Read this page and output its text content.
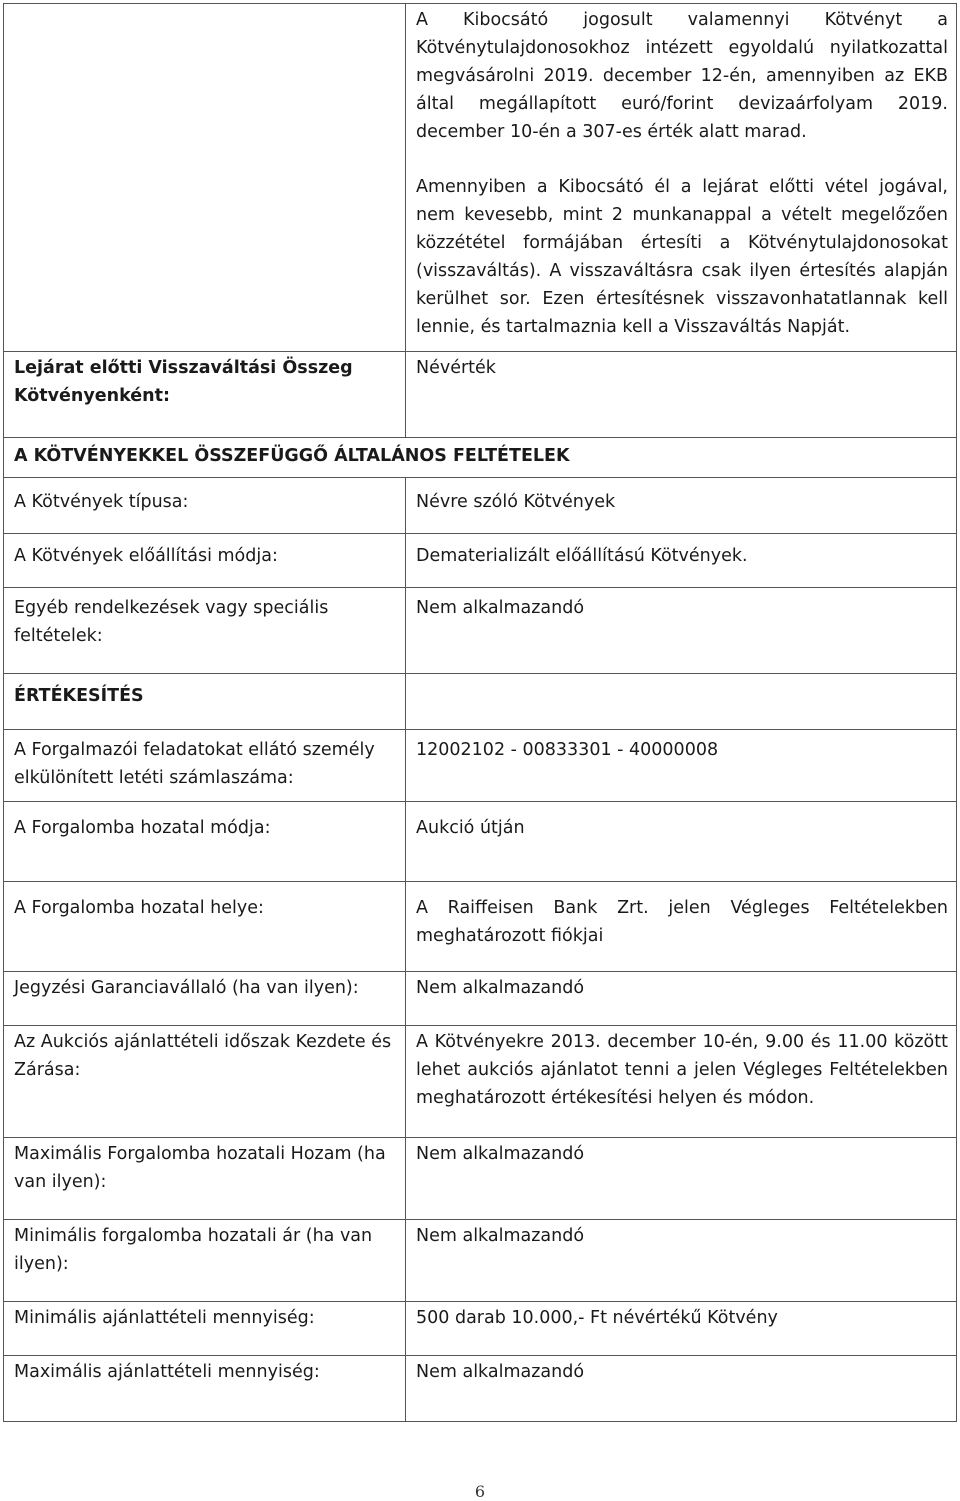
	A Kibocsátó jogosult valamennyi Kötvényt a Kötvénytulajdonosokhoz intézett egyoldalú nyilatkozattal megvásárolni 2019. december 12-én, amennyiben az EKB által megállapított euró/forint devizaárfolyam 2019. december 10-én a 307-es érték alatt marad.

Amennyiben a Kibocsátó él a lejárat előtti vétel jogával, nem kevesebb, mint 2 munkanappal a vételt megelőzően közzététel formájában értesíti a Kötvénytulajdonosokat (visszaváltás). A visszaváltásra csak ilyen értesítés alapján kerülhet sor. Ezen értesítésnek visszavonhatatlannak kell lennie, és tartalmaznia kell a Visszaváltás Napját.

Lejárat előtti Visszaváltási Összeg Kötvényenként:	Névérték
A KÖTVÉNYEKKEL ÖSSZEFÜGGŐ ÁLTALÁNOS FELTÉTELEK	
A Kötvények típusa:	Névre szóló Kötvények
A Kötvények előállítási módja:	Dematerializált előállítású Kötvények.
Egyéb rendelkezések vagy speciális feltételek:	Nem alkalmazandó
ÉRTÉKESÍTÉS	
A Forgalmazói feladatokat ellátó személy elkülönített letéti számlaszáma:	12002102 - 00833301 - 40000008
A Forgalomba hozatal módja:	Aukció útján
A Forgalomba hozatal helye:	A Raiffeisen Bank Zrt. jelen Végleges Feltételekben meghatározott fiókjai
Jegyzési Garanciavállaló (ha van ilyen):	Nem alkalmazandó
Az Aukciós ajánlattételi időszak Kezdete és Zárása:	A Kötvényekre 2013. december 10-én, 9.00 és 11.00 között lehet aukciós ajánlatot tenni a jelen Végleges Feltételekben meghatározott értékesítési helyen és módon.
Maximális Forgalomba hozatali Hozam (ha van ilyen):	Nem alkalmazandó
Minimális forgalomba hozatali ár (ha van ilyen):	Nem alkalmazandó
Minimális ajánlattételi mennyiség:	500 darab 10.000,- Ft névértékű Kötvény
Maximális ajánlattételi mennyiség:	Nem alkalmazandó
6
